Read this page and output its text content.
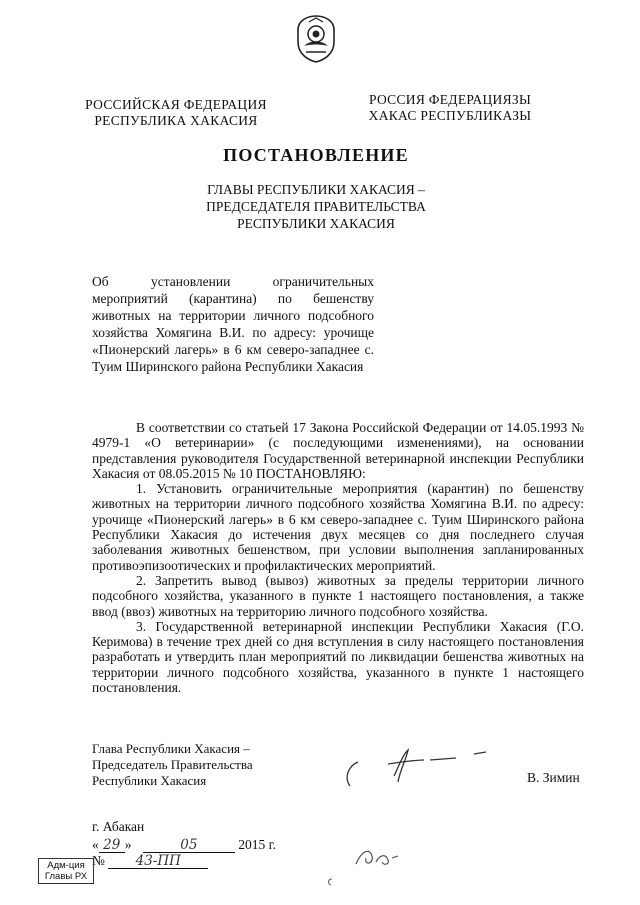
РОССИЙСКАЯ ФЕДЕРАЦИЯ
РЕСПУБЛИКА ХАКАСИЯ
РОССИЯ ФЕДЕРАЦИЯЗЫ
ХАКАС РЕСПУБЛИКАЗЫ
ПОСТАНОВЛЕНИЕ
ГЛАВЫ РЕСПУБЛИКИ ХАКАСИЯ –
ПРЕДСЕДАТЕЛЯ ПРАВИТЕЛЬСТВА
РЕСПУБЛИКИ ХАКАСИЯ
Об установлении ограничительных мероприятий (карантина) по бешенству животных на территории личного подсобного хозяйства Хомягина В.И. по адресу: урочище «Пионерский лагерь» в 6 км северо-западнее с. Туим Ширинского района Республики Хакасия

В соответствии со статьей 17 Закона Российской Федерации от 14.05.1993 № 4979-1 «О ветеринарии» (с последующими изменениями), на основании представления руководителя Государственной ветеринарной инспекции Республики Хакасия от 08.05.2015 № 10 ПОСТАНОВЛЯЮ:

1. Установить ограничительные мероприятия (карантин) по бешенству животных на территории личного подсобного хозяйства Хомягина В.И. по адресу: урочище «Пионерский лагерь» в 6 км северо-западнее с. Туим Ширинского района Республики Хакасия до истечения двух месяцев со дня последнего случая заболевания животных бешенством, при условии выполнения запланированных противоэпизоотических и профилактических мероприятий.

2. Запретить вывод (вывоз) животных за пределы территории личного подсобного хозяйства, указанного в пункте 1 настоящего постановления, а также ввод (ввоз) животных на территорию личного подсобного хозяйства.

3. Государственной ветеринарной инспекции Республики Хакасия (Г.О. Керимова) в течение трех дней со дня вступления в силу настоящего постановления разработать и утвердить план мероприятий по ликвидации бешенства животных на территории личного подсобного хозяйства, указанного в пункте 1 настоящего постановления.

Глава Республики Хакасия –
Председатель Правительства
Республики Хакасия	В. Зимин
г. Абакан
« 29 »	05	2015 г.
№ 43-ПП
Адм-ция
Главы РХ
